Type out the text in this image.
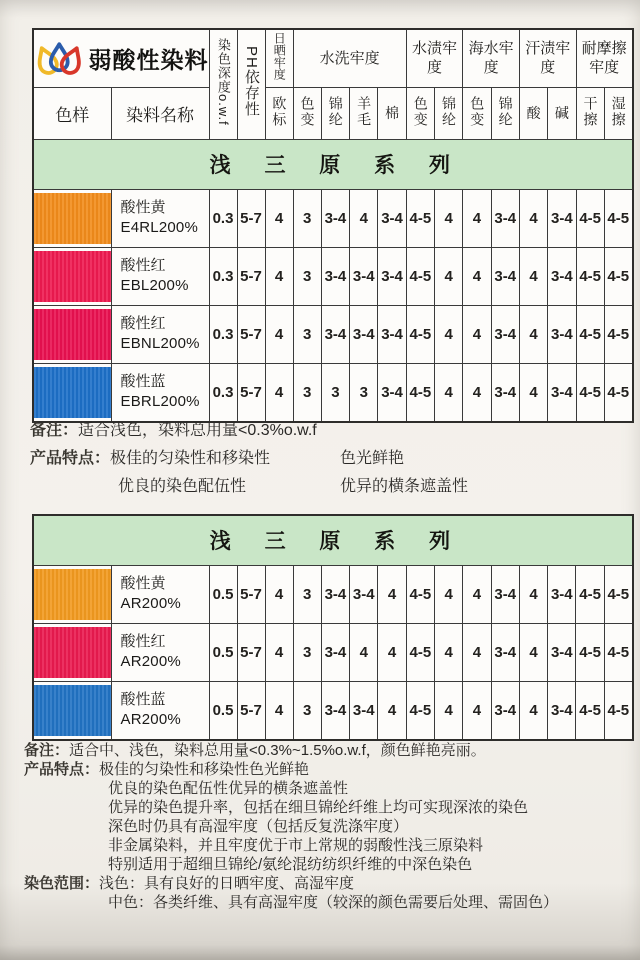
弱酸性染料		染色深度o.w.f	PH依存性	日晒牢度	水洗牢度				水渍牢度		海水牢度		汗渍牢度		耐摩擦牢度	
色样	染料名称			欧标	色变	锦纶	羊毛	棉	色变	锦纶	色变	锦纶	酸	碱	干擦	湿擦
浅 三 原 系 列																

	酸性黄
E4RL200%	0.3	5-7	4	3	3-4	4	3-4	4-5	4	4	3-4	4	3-4	4-5	4-5

	酸性红
EBL200%	0.3	5-7	4	3	3-4	3-4	3-4	4-5	4	4	3-4	4	3-4	4-5	4-5

	酸性红
EBNL200%	0.3	5-7	4	3	3-4	3-4	3-4	4-5	4	4	3-4	4	3-4	4-5	4-5

	酸性蓝
EBRL200%	0.3	5-7	4	3	3	3	3-4	4-5	4	4	3-4	4	3-4	4-5	4-5
备注：适合浅色，染料总用量<0.3%o.w.f
产品特点：极佳的匀染性和移染性	色光鲜艳
优良的染色配伍性	优异的横条遮盖性
浅 三 原 系 列																

	酸性黄
AR200%	0.5	5-7	4	3	3-4	3-4	4	4-5	4	4	3-4	4	3-4	4-5	4-5

	酸性红
AR200%	0.5	5-7	4	3	3-4	4	4	4-5	4	4	3-4	4	3-4	4-5	4-5

	酸性蓝
AR200%	0.5	5-7	4	3	3-4	3-4	4	4-5	4	4	3-4	4	3-4	4-5	4-5
备注：适合中、浅色，染料总用量<0.3%~1.5%o.w.f，颜色鲜艳亮丽。
产品特点：极佳的匀染性和移染性色光鲜艳
优良的染色配伍性优异的横条遮盖性
优异的染色提升率，包括在细旦锦纶纤维上均可实现深浓的染色
深色时仍具有高湿牢度（包括反复洗涤牢度）
非金属染料，并且牢度优于市上常规的弱酸性浅三原染料
特别适用于超细旦锦纶/氨纶混纺纺织纤维的中深色染色
染色范围：浅色：具有良好的日晒牢度、高湿牢度
中色：各类纤维、具有高湿牢度（较深的颜色需要后处理、需固色）
